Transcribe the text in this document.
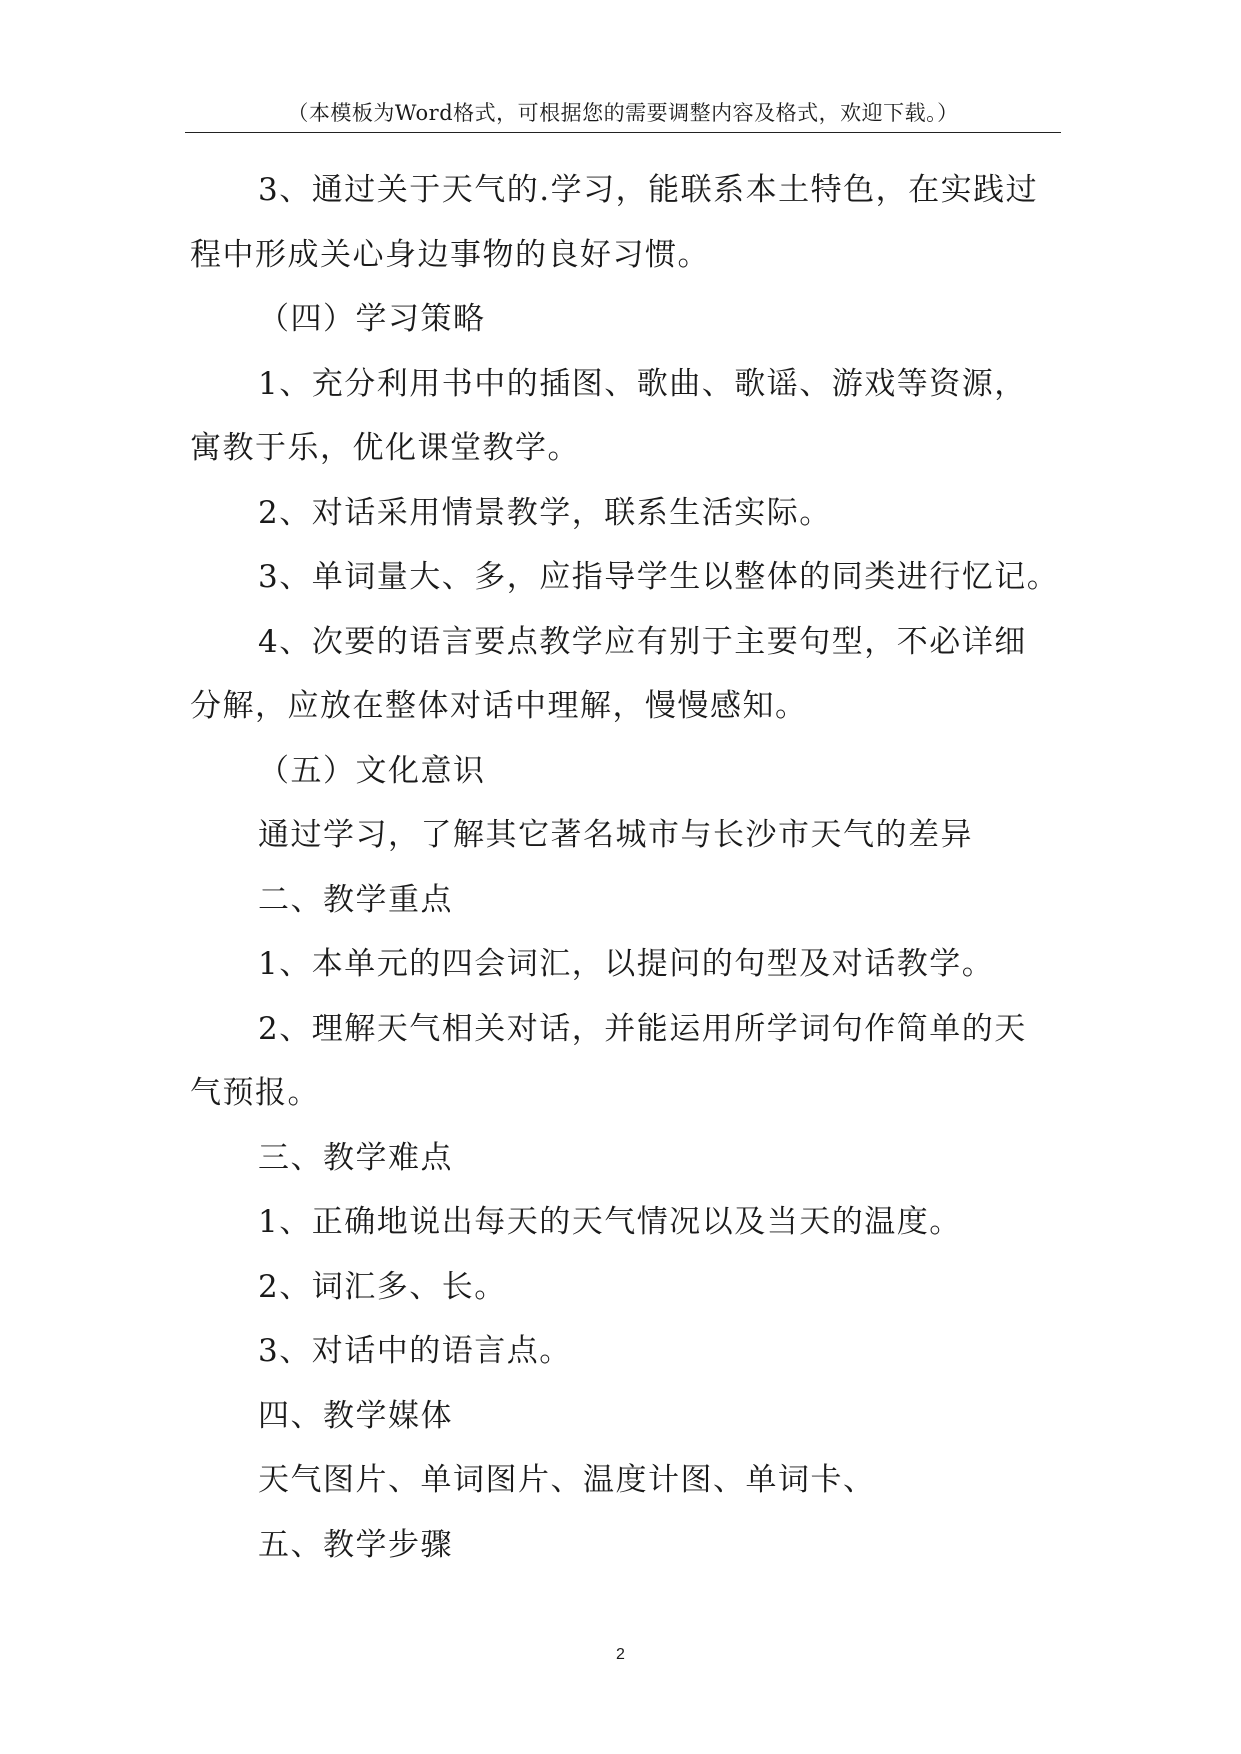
（本模板为Word格式，可根据您的需要调整内容及格式，欢迎下载。）
3、通过关于天气的.学习，能联系本土特色，在实践过
程中形成关心身边事物的良好习惯。
（四）学习策略
1、充分利用书中的插图、歌曲、歌谣、游戏等资源，
寓教于乐，优化课堂教学。
2、对话采用情景教学，联系生活实际。
3、单词量大、多，应指导学生以整体的同类进行忆记。
4、次要的语言要点教学应有别于主要句型，不必详细
分解，应放在整体对话中理解，慢慢感知。
（五）文化意识
通过学习，了解其它著名城市与长沙市天气的差异
二、教学重点
1、本单元的四会词汇，以提问的句型及对话教学。
2、理解天气相关对话，并能运用所学词句作简单的天
气预报。
三、教学难点
1、正确地说出每天的天气情况以及当天的温度。
2、词汇多、长。
3、对话中的语言点。
四、教学媒体
天气图片、单词图片、温度计图、单词卡、
五、教学步骤
2
